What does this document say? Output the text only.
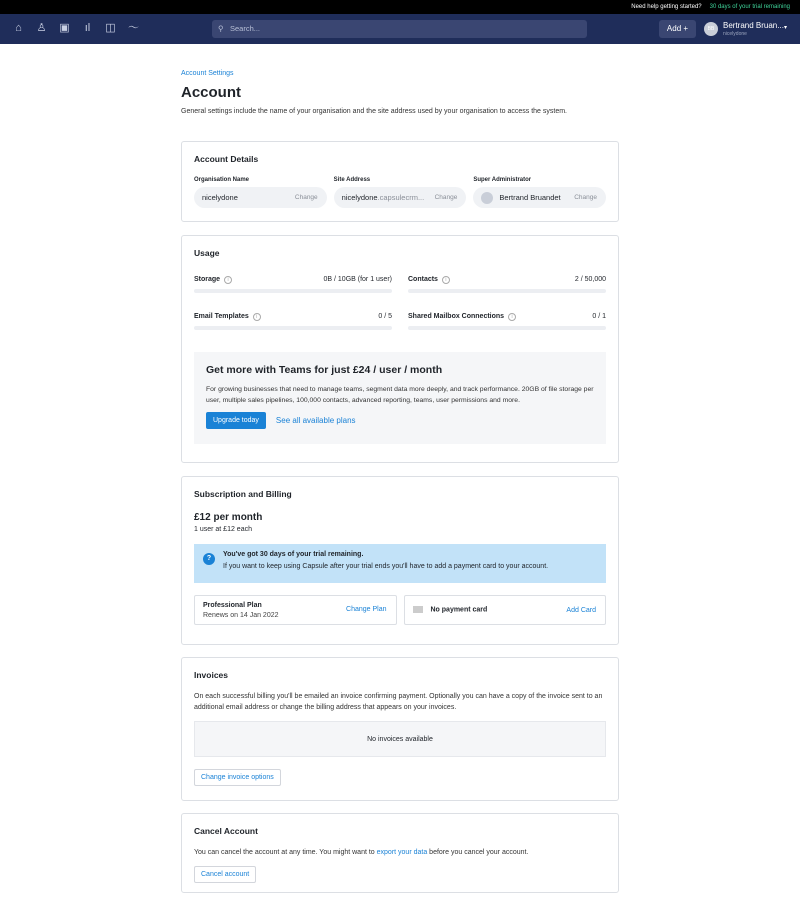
Need help getting started? 30 days of your trial remaining
⌂ ♙ ▣	ıl	◫ 〜	⚲ Search...	Add +	BB	Bertrand Bruan...
nicelydone
▾
Account Settings
Account

General settings include the name of your organisation and the site address used by your organisation to access the system.

Account Details
Organisation Name
nicelydone	Change
Site Address
nicelydone .capsulecrm... Change
Super Administrator
Bertrand Bruandet Change
Usage
Storage i	0B / 10GB (for 1 user) Contacts i	2 / 50,000
Email Templates i	0 / 5 Shared Mailbox Connections i	0 / 1
Get more with Teams for just £24 / user / month

For growing businesses that need to manage teams, segment data more deeply, and track performance. 20GB of file storage per user, multiple sales pipelines, 100,000 contacts, advanced reporting, teams, user permissions and more.

Upgrade today	See all available plans
Subscription and Billing
£12 per month
1 user at £12 each
?
You've got 30 days of your trial remaining.
If you want to keep using Capsule after your trial ends you'll have to add a payment card to your account.
Professional Plan
Renews on 14 Jan 2022
Change Plan	No payment card	Add Card
Invoices

On each successful billing you'll be emailed an invoice confirming payment. Optionally you can have a copy of the invoice sent to an additional email address or change the billing address that appears on your invoices.

No invoices available
Change invoice options
Cancel Account

You can cancel the account at any time. You might want to export your data before you cancel your account.

Cancel account
